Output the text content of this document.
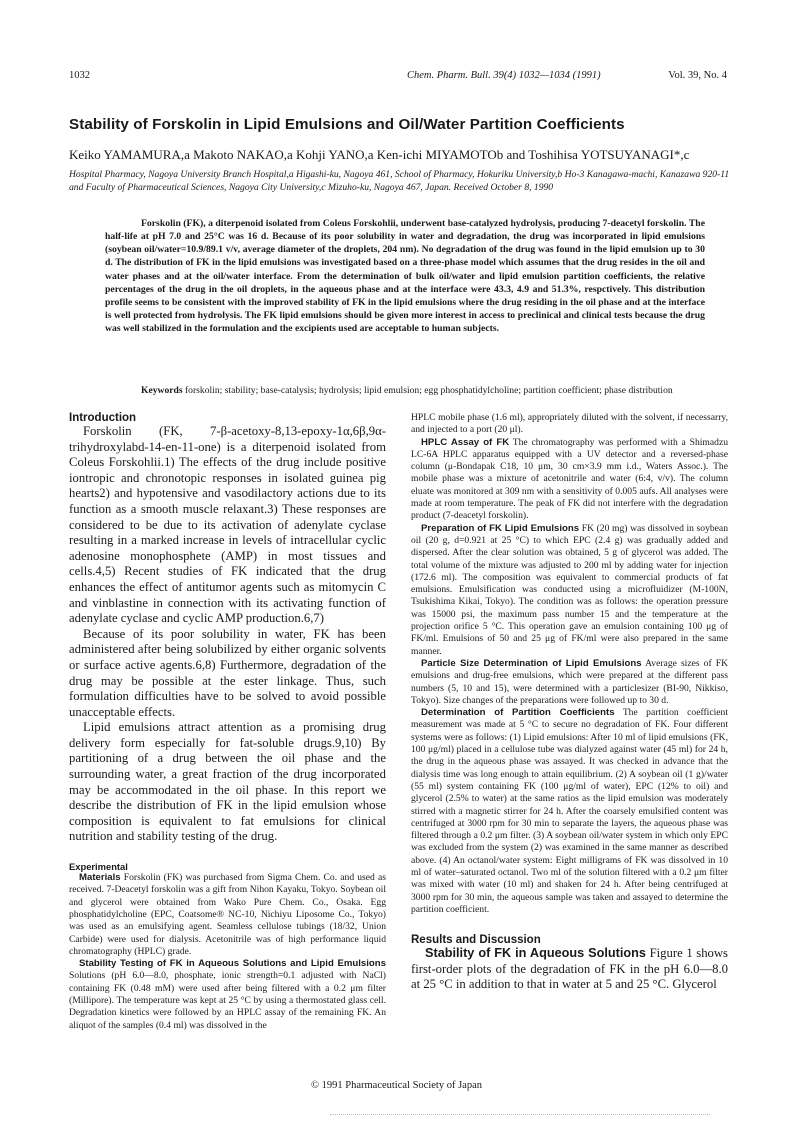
1032	Chem. Pharm. Bull. 39(4) 1032—1034 (1991)	Vol. 39, No. 4
Stability of Forskolin in Lipid Emulsions and Oil/Water Partition Coefficients
Keiko YAMAMURA,a Makoto NAKAO,a Kohji YANO,a Ken-ichi MIYAMOTOb and Toshihisa YOTSUYANAGI*,c
Hospital Pharmacy, Nagoya University Branch Hospital,a Higashi-ku, Nagoya 461, School of Pharmacy, Hokuriku University,b Ho-3 Kanagawa-machi, Kanazawa 920-11 and Faculty of Pharmaceutical Sciences, Nagoya City University,c Mizuho-ku, Nagoya 467, Japan. Received October 8, 1990

Forskolin (FK), a diterpenoid isolated from Coleus Forskohlii, underwent base-catalyzed hydrolysis, producing 7-deacetyl forskolin. The half-life at pH 7.0 and 25°C was 16 d. Because of its poor solubility in water and degradation, the drug was incorporated in lipid emulsions (soybean oil/water=10.9/89.1 v/v, average diameter of the droplets, 204 nm). No degradation of the drug was found in the lipid emulsion up to 30 d. The distribution of FK in the lipid emulsions was investigated based on a three-phase model which assumes that the drug resides in the oil and water phases and at the oil/water interface. From the determination of bulk oil/water and lipid emulsion partition coefficients, the relative percentages of the drug in the oil droplets, in the aqueous phase and at the interface were 43.3, 4.9 and 51.3%, respctively. This distribution profile seems to be consistent with the improved stability of FK in the lipid emulsions where the drug residing in the oil phase and at the interface is well protected from hydrolysis. The FK lipid emulsions should be given more interest in access to preclinical and clinical tests because the drug was well stabilized in the formulation and the excipients used are acceptable to human subjects.

Keywords forskolin; stability; base-catalysis; hydrolysis; lipid emulsion; egg phosphatidylcholine; partition coefficient; phase distribution

Introduction

Forskolin (FK, 7-β-acetoxy-8,13-epoxy-1α,6β,9α-trihydroxylabd-14-en-11-one) is a diterpenoid isolated from Coleus Forskohlii.1) The effects of the drug include positive iontropic and chronotopic responses in isolated guinea pig hearts2) and hypotensive and vasodilactory actions due to its function as a smooth muscle relaxant.3) These responses are considered to be due to its activation of adenylate cyclase resulting in a marked increase in levels of intracellular cyclic adenosine monophosphete (AMP) in most tissues and cells.4,5) Recent studies of FK indicated that the drug enhances the effect of antitumor agents such as mitomycin C and vinblastine in connection with its activating function of adenylate cyclase and cyclic AMP production.6,7)

Because of its poor solubility in water, FK has been administered after being solubilized by either organic solvents or surface active agents.6,8) Furthermore, degradation of the drug may be possible at the ester linkage. Thus, such formulation difficulties have to be solved to avoid possible unacceptable effects.

Lipid emulsions attract attention as a promising drug delivery form especially for fat-soluble drugs.9,10) By partitioning of a drug between the oil phase and the surrounding water, a great fraction of the drug incorporated may be accommodated in the oil phase. In this report we describe the distribution of FK in the lipid emulsion whose composition is equivalent to fat emulsions for clinical nutrition and stability testing of the drug.

Experimental

Materials Forskolin (FK) was purchased from Sigma Chem. Co. and used as received. 7-Deacetyl forskolin was a gift from Nihon Kayaku, Tokyo. Soybean oil and glycerol were obtained from Wako Pure Chem. Co., Osaka. Egg phosphatidylcholine (EPC, Coatsome® NC-10, Nichiyu Liposome Co., Tokyo) was used as an emulsifying agent. Seamless cellulose tubings (18/32, Union Carbide) were used for dialysis. Acetonitrile was of high performance liquid chromatography (HPLC) grade.

Stability Testing of FK in Aqueous Solutions and Lipid Emulsions Solutions (pH 6.0—8.0, phosphate, ionic strength=0.1 adjusted with NaCl) containing FK (0.48 mM) were used after being filtered with a 0.2 μm filter (Millipore). The temperature was kept at 25 °C by using a thermostated glass cell. Degradation kinetics were followed by an HPLC assay of the remaining FK. An aliquot of the samples (0.4 ml) was dissolved in the

HPLC mobile phase (1.6 ml), appropriately diluted with the solvent, if necessarry, and injected to a port (20 μl).

HPLC Assay of FK The chromatography was performed with a Shimadzu LC-6A HPLC apparatus equipped with a UV detector and a reversed-phase column (μ-Bondapak C18, 10 μm, 30 cm×3.9 mm i.d., Waters Assoc.). The mobile phase was a mixture of acetonitrile and water (6:4, v/v). The column eluate was monitored at 309 nm with a sensitivity of 0.005 aufs. All analyses were made at room temperature. The peak of FK did not interfere with the degradation product (7-deacetyl forskolin).

Preparation of FK Lipid Emulsions FK (20 mg) was dissolved in soybean oil (20 g, d=0.921 at 25 °C) to which EPC (2.4 g) was gradually added and dispersed. After the clear solution was obtained, 5 g of glycerol was added. The total volume of the mixture was adjusted to 200 ml by adding water for injection (172.6 ml). The composition was equivalent to commercial products of fat emulsions. Emulsification was conducted using a microfluidizer (M-100N, Tsukishima Kikai, Tokyo). The condition was as follows: the operation pressure was 15000 psi, the maximum pass number 15 and the temperature at the projection orifice 5 °C. This operation gave an emulsion containing 100 μg of FK/ml. Emulsions of 50 and 25 μg of FK/ml were also prepared in the same manner.

Particle Size Determination of Lipid Emulsions Average sizes of FK emulsions and drug-free emulsions, which were prepared at the different pass numbers (5, 10 and 15), were determined with a particlesizer (BI-90, Nikkiso, Tokyo). Size changes of the preparations were followed up to 30 d.

Determination of Partition Coefficients The partition coefficient measurement was made at 5 °C to secure no degradation of FK. Four different systems were as follows: (1) Lipid emulsions: After 10 ml of lipid emulsions (FK, 100 μg/ml) placed in a cellulose tube was dialyzed against water (45 ml) for 24 h, the drug in the aqueous phase was assayed. It was checked in advance that the dialysis time was long enough to attain equilibrium. (2) A soybean oil (1 g)/water (55 ml) system containing FK (100 μg/ml of water), EPC (12% to oil) and glycerol (2.5% to water) at the same ratios as the lipid emulsion was moderately stirred with a magnetic stirrer for 24 h. After the coarsely emulsified content was centrifuged at 3000 rpm for 30 min to separate the layers, the aqueous phase was filtered through a 0.2 μm filter. (3) A soybean oil/water system in which only EPC was excluded from the system (2) was examined in the same manner as described above. (4) An octanol/water system: Eight milligrams of FK was dissolved in 10 ml of water–saturated octanol. Two ml of the solution filtered with a 0.2 μm filter was mixed with water (10 ml) and shaken for 24 h. After being centrifuged at 3000 rpm for 30 min, the aqueous sample was taken and assayed to determine the partition coefficient.

Results and Discussion

Stability of FK in Aqueous Solutions Figure 1 shows first-order plots of the degradation of FK in the pH 6.0—8.0 at 25 °C in addition to that in water at 5 and 25 °C. Glycerol

© 1991 Pharmaceutical Society of Japan
